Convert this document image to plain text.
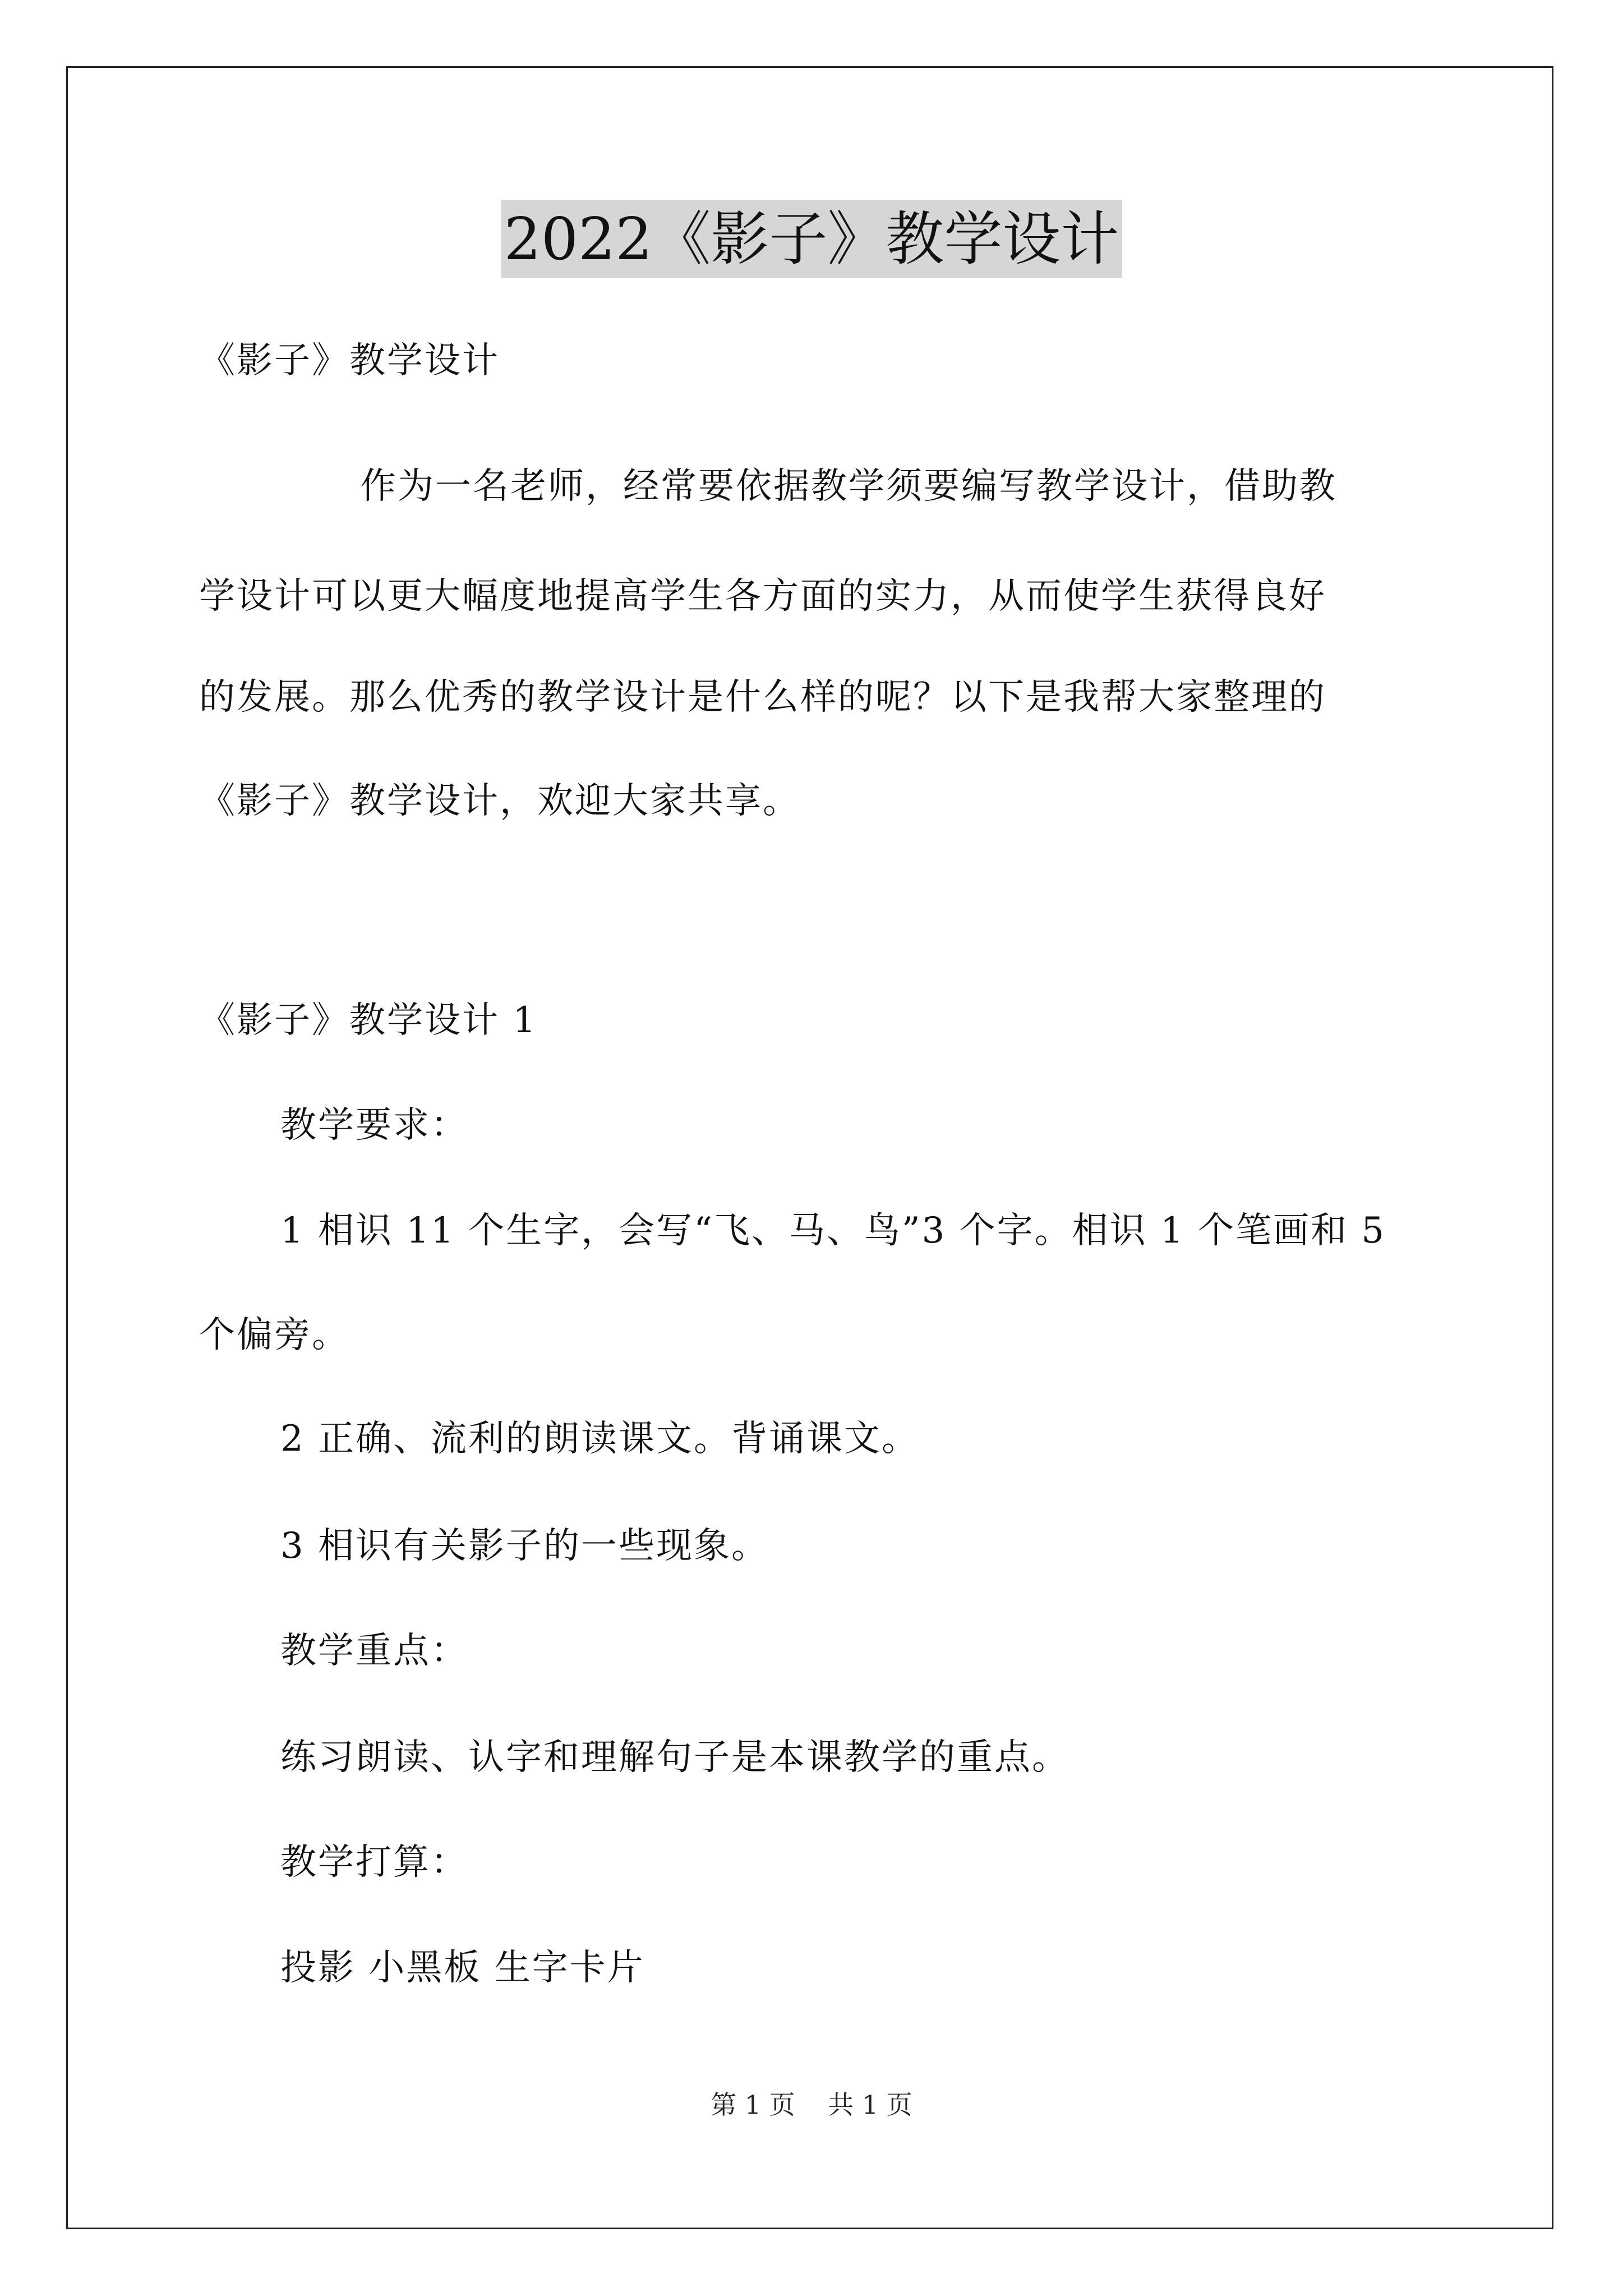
2022《影子》教学设计
《影子》教学设计
作为一名老师，经常要依据教学须要编写教学设计，借助教
学设计可以更大幅度地提高学生各方面的实力，从而使学生获得良好
的发展。那么优秀的教学设计是什么样的呢？以下是我帮大家整理的
《影子》教学设计，欢迎大家共享。
《影子》教学设计 1
教学要求：
1 相识 11 个生字，会写“飞、马、鸟”3 个字。相识 1 个笔画和 5
个偏旁。
2 正确、流利的朗读课文。背诵课文。
3 相识有关影子的一些现象。
教学重点：
练习朗读、认字和理解句子是本课教学的重点。
教学打算：
投影 小黑板 生字卡片
第 1 页    共 1 页
